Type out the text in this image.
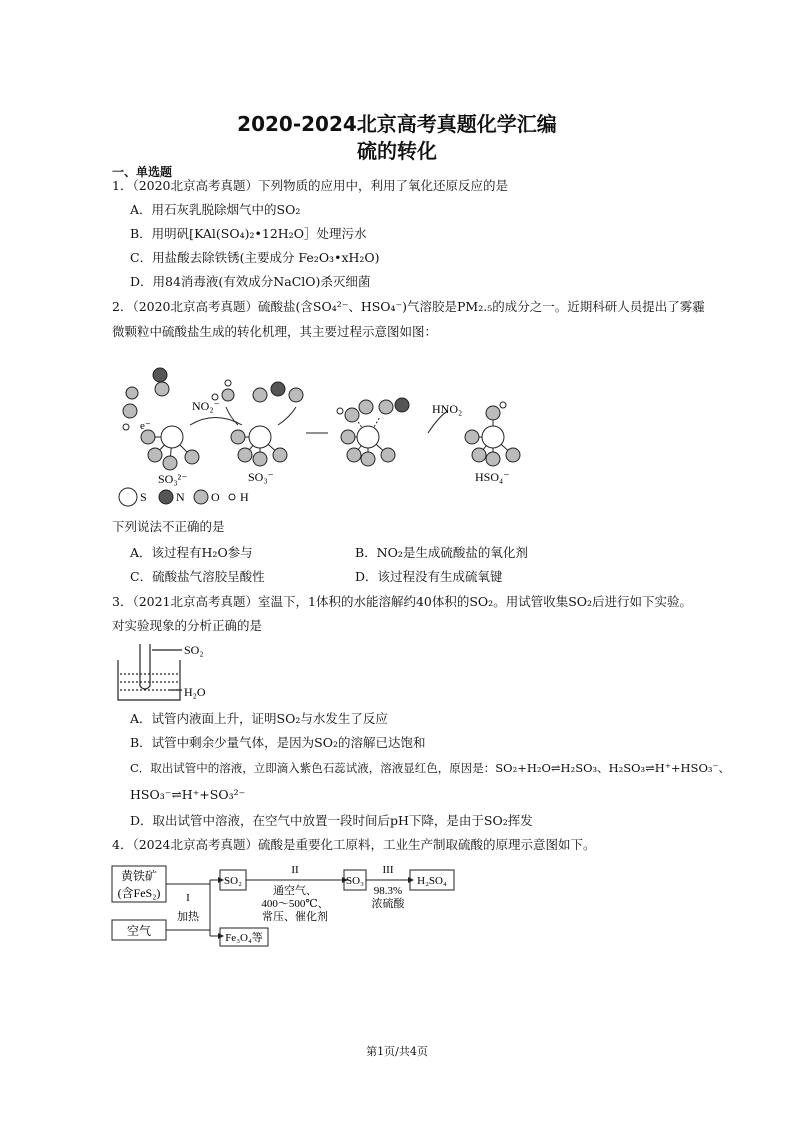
2020-2024北京高考真题化学汇编
硫的转化
一、单选题
1．（2020北京高考真题）下列物质的应用中，利用了氧化还原反应的是
A．用石灰乳脱除烟气中的SO₂
B．用明矾[KAl(SO₄)₂•12H₂O］处理污水
C．用盐酸去除铁锈(主要成分 Fe₂O₃•xH₂O)
D．用84消毒液(有效成分NaClO)杀灭细菌
2．（2020北京高考真题）硫酸盐(含SO₄²⁻、HSO₄⁻)气溶胶是PM₂.₅的成分之一。近期科研人员提出了雾霾
微颗粒中硫酸盐生成的转化机理，其主要过程示意图如图：
e⁻
NO₂⁻
SO₃²⁻	SO₃⁻
HNO₂
HSO₄⁻
S N O H
下列说法不正确的是
A．该过程有H₂O参与	B．NO₂是生成硫酸盐的氧化剂
C．硫酸盐气溶胶呈酸性	D．该过程没有生成硫氧键
3．（2021北京高考真题）室温下，1体积的水能溶解约40体积的SO₂。用试管收集SO₂后进行如下实验。
对实验现象的分析正确的是
SO₂
H₂O
A．试管内液面上升，证明SO₂与水发生了反应
B．试管中剩余少量气体，是因为SO₂的溶解已达饱和
C．取出试管中的溶液，立即滴入紫色石蕊试液，溶液显红色，原因是：SO₂+H₂O⇌H₂SO₃、H₂SO₃⇌H⁺+HSO₃⁻、
HSO₃⁻⇌H⁺+SO₃²⁻
D．取出试管中溶液，在空气中放置一段时间后pH下降，是由于SO₂挥发
4．（2024北京高考真题）硫酸是重要化工原料，工业生产制取硫酸的原理示意图如下。
黄铁矿
(含FeS₂)
空气
I
加热
SO₂
Fe₃O₄等
II
通空气、
400～500℃、
常压、催化剂
SO₃
III
98.3%
浓硫酸
H₂SO₄
第1页/共4页
